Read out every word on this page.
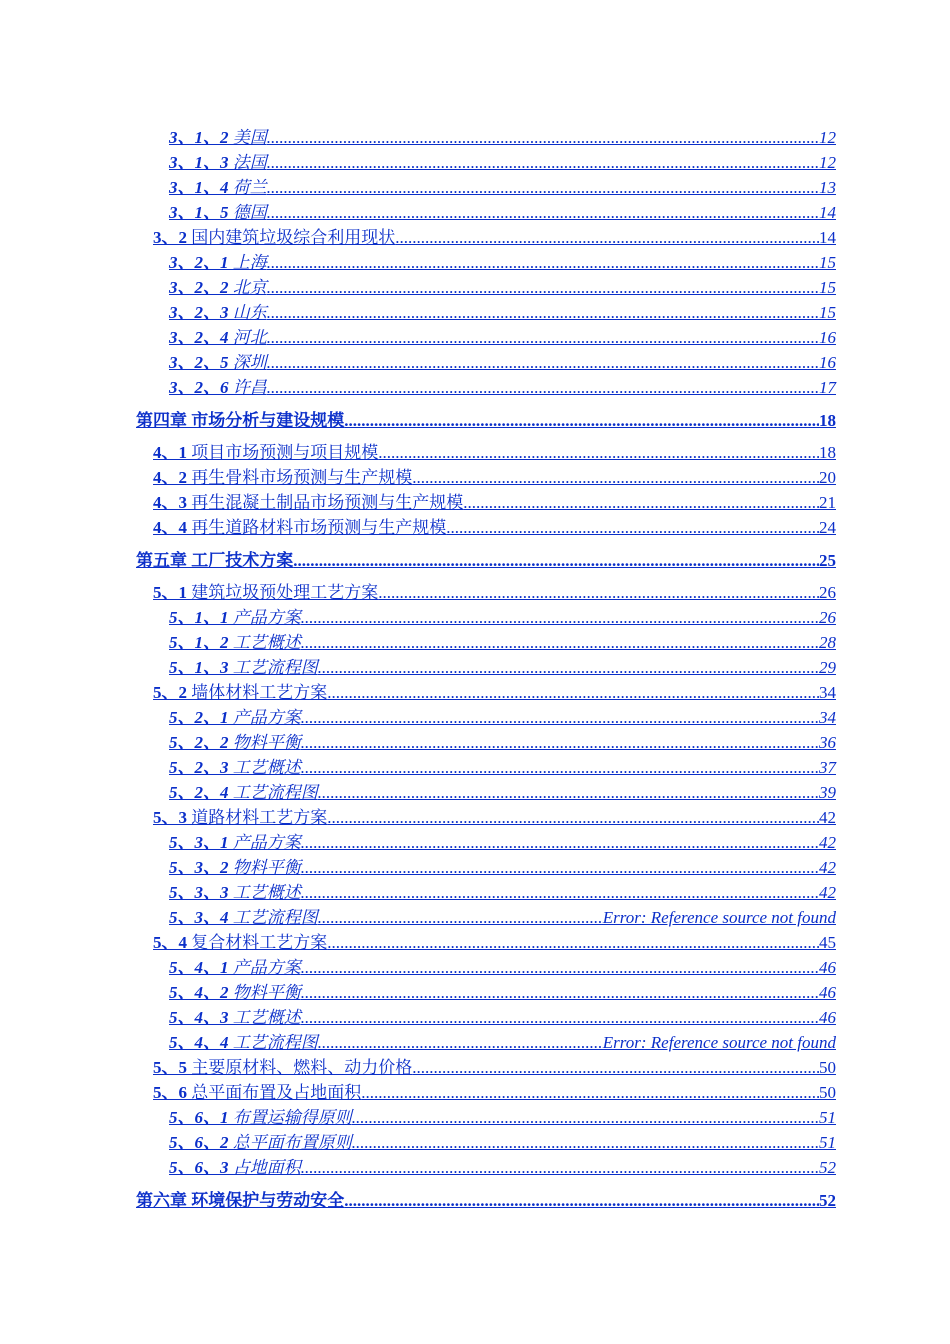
3、1、2 美国 .....	12
3、1、3 法国 .....	12
3、1、4 荷兰 .....	13
3、1、5 德国 .....	14
3、2 国内建筑垃圾综合利用现状 .....	14
3、2、1 上海 .....	15
3、2、2 北京 .....	15
3、2、3 山东 .....	15
3、2、4 河北 .....	16
3、2、5 深圳 .....	16
3、2、6 许昌 .....	17
第四章 市场分析与建设规模 .....	18
4、1 项目市场预测与项目规模 .....	18
4、2 再生骨料市场预测与生产规模 .....	20
4、3 再生混凝土制品市场预测与生产规模 .....	21
4、4 再生道路材料市场预测与生产规模 .....	24
第五章 工厂技术方案 .....	25
5、1 建筑垃圾预处理工艺方案 .....	26
5、1、1 产品方案 .....	26
5、1、2 工艺概述 .....	28
5、1、3 工艺流程图 .....	29
5、2 墙体材料工艺方案 .....	34
5、2、1 产品方案 .....	34
5、2、2 物料平衡 .....	36
5、2、3 工艺概述 .....	37
5、2、4 工艺流程图 .....	39
5、3 道路材料工艺方案 .....	42
5、3、1 产品方案 .....	42
5、3、2 物料平衡 .....	42
5、3、3 工艺概述 .....	42
5、3、4 工艺流程图 .....	Error: Reference source not found
5、4 复合材料工艺方案 .....	45
5、4、1 产品方案 .....	46
5、4、2 物料平衡 .....	46
5、4、3 工艺概述 .....	46
5、4、4 工艺流程图 .....	Error: Reference source not found
5、5 主要原材料、燃料、动力价格 .....	50
5、6 总平面布置及占地面积 .....	50
5、6、1 布置运输得原则 .....	51
5、6、2 总平面布置原则 .....	51
5、6、3 占地面积 .....	52
第六章 环境保护与劳动安全 .....	52
